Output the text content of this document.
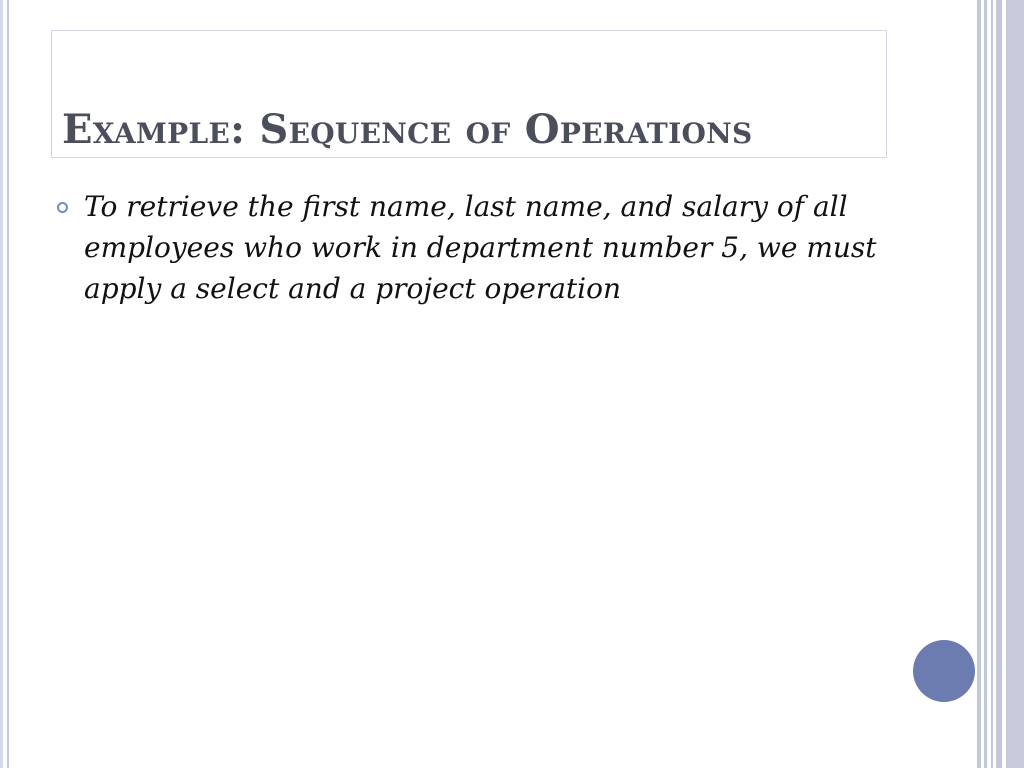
Example: Sequence of Operations
To retrieve the first name, last name, and salary of all employees who work in department number 5, we must apply a select and a project operation
